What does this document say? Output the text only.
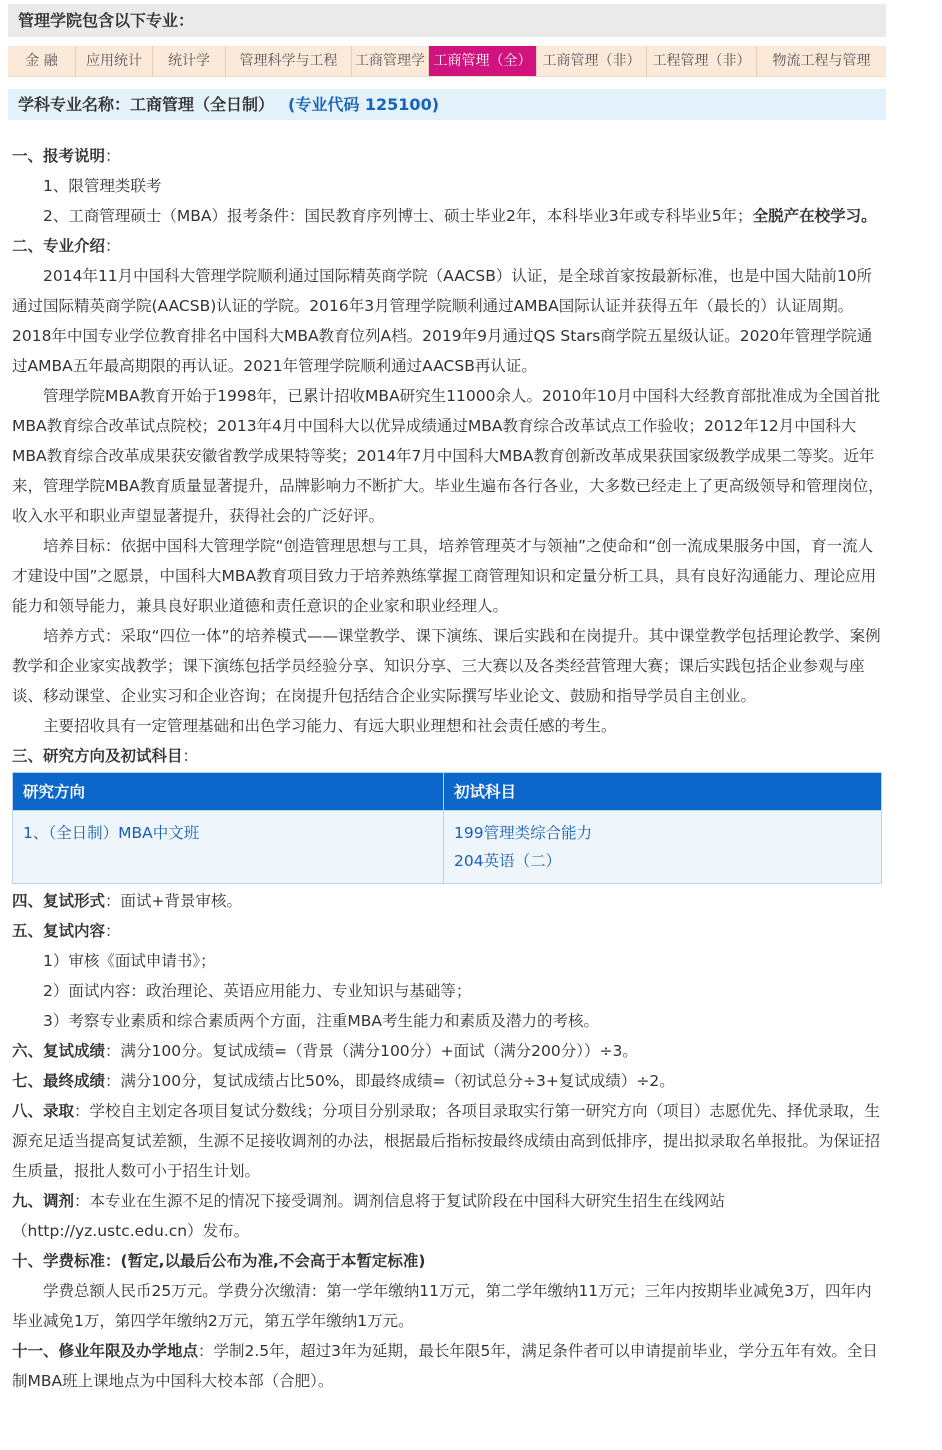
管理学院包含以下专业：
金 融	应用统计	统计学	管理科学与工程	工商管理学 工商管理（全） 工商管理（非） 工程管理（非）	物流工程与管理
学科专业名称：工商管理（全日制） (专业代码 125100)

一、报考说明：

1、限管理类联考

2、工商管理硕士（MBA）报考条件：国民教育序列博士、硕士毕业2年，本科毕业3年或专科毕业5年；全脱产在校学习。

二、专业介绍：

2014年11月中国科大管理学院顺利通过国际精英商学院（AACSB）认证，是全球首家按最新标准，也是中国大陆前10所通过国际精英商学院(AACSB)认证的学院。2016年3月管理学院顺利通过AMBA国际认证并获得五年（最长的）认证周期。2018年中国专业学位教育排名中国科大MBA教育位列A档。2019年9月通过QS Stars商学院五星级认证。2020年管理学院通过AMBA五年最高期限的再认证。2021年管理学院顺利通过AACSB再认证。

管理学院MBA教育开始于1998年，已累计招收MBA研究生11000余人。2010年10月中国科大经教育部批准成为全国首批MBA教育综合改革试点院校；2013年4月中国科大以优异成绩通过MBA教育综合改革试点工作验收；2012年12月中国科大MBA教育综合改革成果获安徽省教学成果特等奖；2014年7月中国科大MBA教育创新改革成果获国家级教学成果二等奖。近年来，管理学院MBA教育质量显著提升，品牌影响力不断扩大。毕业生遍布各行各业，大多数已经走上了更高级领导和管理岗位，收入水平和职业声望显著提升，获得社会的广泛好评。

培养目标：依据中国科大管理学院“创造管理思想与工具，培养管理英才与领袖”之使命和“创一流成果服务中国，育一流人才建设中国”之愿景，中国科大MBA教育项目致力于培养熟练掌握工商管理知识和定量分析工具，具有良好沟通能力、理论应用能力和领导能力，兼具良好职业道德和责任意识的企业家和职业经理人。

培养方式：采取“四位一体”的培养模式——课堂教学、课下演练、课后实践和在岗提升。其中课堂教学包括理论教学、案例教学和企业家实战教学；课下演练包括学员经验分享、知识分享、三大赛以及各类经营管理大赛；课后实践包括企业参观与座谈、移动课堂、企业实习和企业咨询；在岗提升包括结合企业实际撰写毕业论文、鼓励和指导学员自主创业。

主要招收具有一定管理基础和出色学习能力、有远大职业理想和社会责任感的考生。

三、研究方向及初试科目：

研究方向	初试科目
1、（全日制）MBA中文班	199管理类综合能力
204英语（二）

四、复试形式：面试+背景审核。

五、复试内容：

1）审核《面试申请书》；

2）面试内容：政治理论、英语应用能力、专业知识与基础等；

3）考察专业素质和综合素质两个方面，注重MBA考生能力和素质及潜力的考核。

六、复试成绩：满分100分。复试成绩=（背景（满分100分）+面试（满分200分））÷3。

七、最终成绩：满分100分，复试成绩占比50%，即最终成绩=（初试总分÷3+复试成绩）÷2。

八、录取：学校自主划定各项目复试分数线；分项目分别录取；各项目录取实行第一研究方向（项目）志愿优先、择优录取，生源充足适当提高复试差额，生源不足接收调剂的办法，根据最后指标按最终成绩由高到低排序，提出拟录取名单报批。为保证招生质量，报批人数可小于招生计划。

九、调剂：本专业在生源不足的情况下接受调剂。调剂信息将于复试阶段在中国科大研究生招生在线网站

（http://yz.ustc.edu.cn）发布。

十、学费标准：(暂定,以最后公布为准,不会高于本暂定标准)

学费总额人民币25万元。学费分次缴清：第一学年缴纳11万元，第二学年缴纳11万元；三年内按期毕业减免3万，四年内毕业减免1万，第四学年缴纳2万元，第五学年缴纳1万元。

十一、修业年限及办学地点：学制2.5年，超过3年为延期，最长年限5年，满足条件者可以申请提前毕业，学分五年有效。全日制MBA班上课地点为中国科大校本部（合肥）。
